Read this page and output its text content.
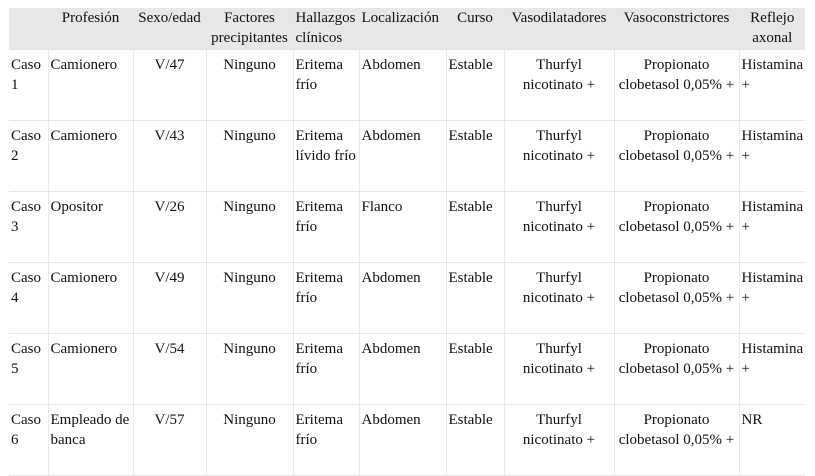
	Profesión	Sexo/edad	Factores precipitantes	Hallazgos clínicos	Localización	Curso	Vasodilatadores	Vasoconstrictores	Reflejo axonal
Caso 1	Camionero	V/47	Ninguno	Eritema frío	Abdomen	Estable	Thurfyl nicotinato +	Propionato clobetasol 0,05% +	Histamina +
Caso 2	Camionero	V/43	Ninguno	Eritema lívido frío	Abdomen	Estable	Thurfyl nicotinato +	Propionato clobetasol 0,05% +	Histamina +
Caso 3	Opositor	V/26	Ninguno	Eritema frío	Flanco	Estable	Thurfyl nicotinato +	Propionato clobetasol 0,05% +	Histamina +
Caso 4	Camionero	V/49	Ninguno	Eritema frío	Abdomen	Estable	Thurfyl nicotinato +	Propionato clobetasol 0,05% +	Histamina +
Caso 5	Camionero	V/54	Ninguno	Eritema frío	Abdomen	Estable	Thurfyl nicotinato +	Propionato clobetasol 0,05% +	Histamina +
Caso 6	Empleado de banca	V/57	Ninguno	Eritema frío	Abdomen	Estable	Thurfyl nicotinato +	Propionato clobetasol 0,05% +	NR
